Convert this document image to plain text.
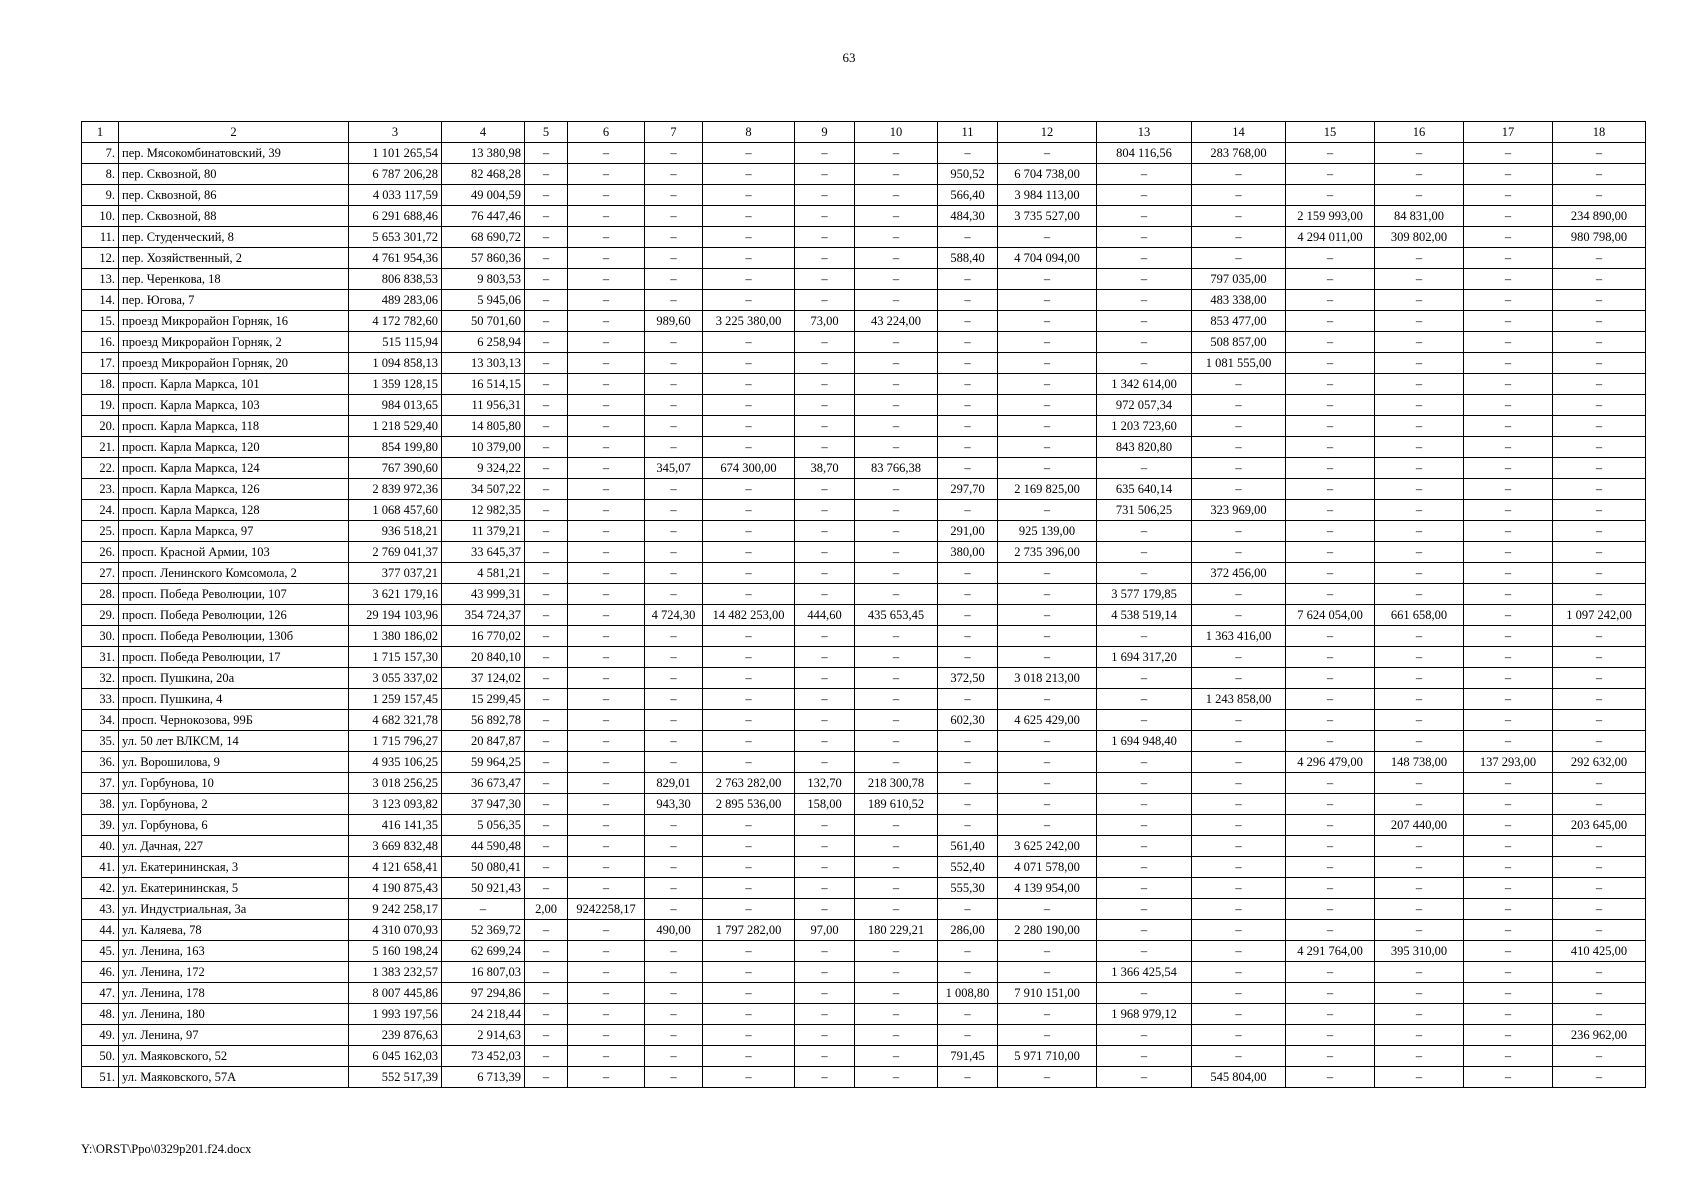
63
1	2	3	4	5	6	7	8	9	10	11	12	13	14	15	16	17	18
7.	пер. Мясокомбинатовский, 39	1 101 265,54	13 380,98	–	–	–	–	–	–	–	–	804 116,56	283 768,00	–	–	–	–
8.	пер. Сквозной, 80	6 787 206,28	82 468,28	–	–	–	–	–	–	950,52	6 704 738,00	–	–	–	–	–	–
9.	пер. Сквозной, 86	4 033 117,59	49 004,59	–	–	–	–	–	–	566,40	3 984 113,00	–	–	–	–	–	–
10.	пер. Сквозной, 88	6 291 688,46	76 447,46	–	–	–	–	–	–	484,30	3 735 527,00	–	–	2 159 993,00	84 831,00	–	234 890,00
11.	пер. Студенческий, 8	5 653 301,72	68 690,72	–	–	–	–	–	–	–	–	–	–	4 294 011,00	309 802,00	–	980 798,00
12.	пер. Хозяйственный, 2	4 761 954,36	57 860,36	–	–	–	–	–	–	588,40	4 704 094,00	–	–	–	–	–	–
13.	пер. Черенкова, 18	806 838,53	9 803,53	–	–	–	–	–	–	–	–	–	797 035,00	–	–	–	–
14.	пер. Югова, 7	489 283,06	5 945,06	–	–	–	–	–	–	–	–	–	483 338,00	–	–	–	–
15.	проезд Микрорайон Горняк, 16	4 172 782,60	50 701,60	–	–	989,60	3 225 380,00	73,00	43 224,00	–	–	–	853 477,00	–	–	–	–
16.	проезд Микрорайон Горняк, 2	515 115,94	6 258,94	–	–	–	–	–	–	–	–	–	508 857,00	–	–	–	–
17.	проезд Микрорайон Горняк, 20	1 094 858,13	13 303,13	–	–	–	–	–	–	–	–	–	1 081 555,00	–	–	–	–
18.	просп. Карла Маркса, 101	1 359 128,15	16 514,15	–	–	–	–	–	–	–	–	1 342 614,00	–	–	–	–	–
19.	просп. Карла Маркса, 103	984 013,65	11 956,31	–	–	–	–	–	–	–	–	972 057,34	–	–	–	–	–
20.	просп. Карла Маркса, 118	1 218 529,40	14 805,80	–	–	–	–	–	–	–	–	1 203 723,60	–	–	–	–	–
21.	просп. Карла Маркса, 120	854 199,80	10 379,00	–	–	–	–	–	–	–	–	843 820,80	–	–	–	–	–
22.	просп. Карла Маркса, 124	767 390,60	9 324,22	–	–	345,07	674 300,00	38,70	83 766,38	–	–	–	–	–	–	–	–
23.	просп. Карла Маркса, 126	2 839 972,36	34 507,22	–	–	–	–	–	–	297,70	2 169 825,00	635 640,14	–	–	–	–	–
24.	просп. Карла Маркса, 128	1 068 457,60	12 982,35	–	–	–	–	–	–	–	–	731 506,25	323 969,00	–	–	–	–
25.	просп. Карла Маркса, 97	936 518,21	11 379,21	–	–	–	–	–	–	291,00	925 139,00	–	–	–	–	–	–
26.	просп. Красной Армии, 103	2 769 041,37	33 645,37	–	–	–	–	–	–	380,00	2 735 396,00	–	–	–	–	–	–
27.	просп. Ленинского Комсомола, 2	377 037,21	4 581,21	–	–	–	–	–	–	–	–	–	372 456,00	–	–	–	–
28.	просп. Победа Революции, 107	3 621 179,16	43 999,31	–	–	–	–	–	–	–	–	3 577 179,85	–	–	–	–	–
29.	просп. Победа Революции, 126	29 194 103,96	354 724,37	–	–	4 724,30	14 482 253,00	444,60	435 653,45	–	–	4 538 519,14	–	7 624 054,00	661 658,00	–	1 097 242,00
30.	просп. Победа Революции, 130б	1 380 186,02	16 770,02	–	–	–	–	–	–	–	–	–	1 363 416,00	–	–	–	–
31.	просп. Победа Революции, 17	1 715 157,30	20 840,10	–	–	–	–	–	–	–	–	1 694 317,20	–	–	–	–	–
32.	просп. Пушкина, 20а	3 055 337,02	37 124,02	–	–	–	–	–	–	372,50	3 018 213,00	–	–	–	–	–	–
33.	просп. Пушкина, 4	1 259 157,45	15 299,45	–	–	–	–	–	–	–	–	–	1 243 858,00	–	–	–	–
34.	просп. Чернокозова, 99Б	4 682 321,78	56 892,78	–	–	–	–	–	–	602,30	4 625 429,00	–	–	–	–	–	–
35.	ул. 50 лет ВЛКСМ, 14	1 715 796,27	20 847,87	–	–	–	–	–	–	–	–	1 694 948,40	–	–	–	–	–
36.	ул. Ворошилова, 9	4 935 106,25	59 964,25	–	–	–	–	–	–	–	–	–	–	4 296 479,00	148 738,00	137 293,00	292 632,00
37.	ул. Горбунова, 10	3 018 256,25	36 673,47	–	–	829,01	2 763 282,00	132,70	218 300,78	–	–	–	–	–	–	–	–
38.	ул. Горбунова, 2	3 123 093,82	37 947,30	–	–	943,30	2 895 536,00	158,00	189 610,52	–	–	–	–	–	–	–	–
39.	ул. Горбунова, 6	416 141,35	5 056,35	–	–	–	–	–	–	–	–	–	–	–	207 440,00	–	203 645,00
40.	ул. Дачная, 227	3 669 832,48	44 590,48	–	–	–	–	–	–	561,40	3 625 242,00	–	–	–	–	–	–
41.	ул. Екатерининская, 3	4 121 658,41	50 080,41	–	–	–	–	–	–	552,40	4 071 578,00	–	–	–	–	–	–
42.	ул. Екатерининская, 5	4 190 875,43	50 921,43	–	–	–	–	–	–	555,30	4 139 954,00	–	–	–	–	–	–
43.	ул. Индустриальная, 3а	9 242 258,17	–	2,00	9242258,17	–	–	–	–	–	–	–	–	–	–	–	–
44.	ул. Каляева, 78	4 310 070,93	52 369,72	–	–	490,00	1 797 282,00	97,00	180 229,21	286,00	2 280 190,00	–	–	–	–	–	–
45.	ул. Ленина, 163	5 160 198,24	62 699,24	–	–	–	–	–	–	–	–	–	–	4 291 764,00	395 310,00	–	410 425,00
46.	ул. Ленина, 172	1 383 232,57	16 807,03	–	–	–	–	–	–	–	–	1 366 425,54	–	–	–	–	–
47.	ул. Ленина, 178	8 007 445,86	97 294,86	–	–	–	–	–	–	1 008,80	7 910 151,00	–	–	–	–	–	–
48.	ул. Ленина, 180	1 993 197,56	24 218,44	–	–	–	–	–	–	–	–	1 968 979,12	–	–	–	–	–
49.	ул. Ленина, 97	239 876,63	2 914,63	–	–	–	–	–	–	–	–	–	–	–	–	–	236 962,00
50.	ул. Маяковского, 52	6 045 162,03	73 452,03	–	–	–	–	–	–	791,45	5 971 710,00	–	–	–	–	–	–
51.	ул. Маяковского, 57А	552 517,39	6 713,39	–	–	–	–	–	–	–	–	–	545 804,00	–	–	–	–
Y:\ORST\Ppo\0329p201.f24.docx
